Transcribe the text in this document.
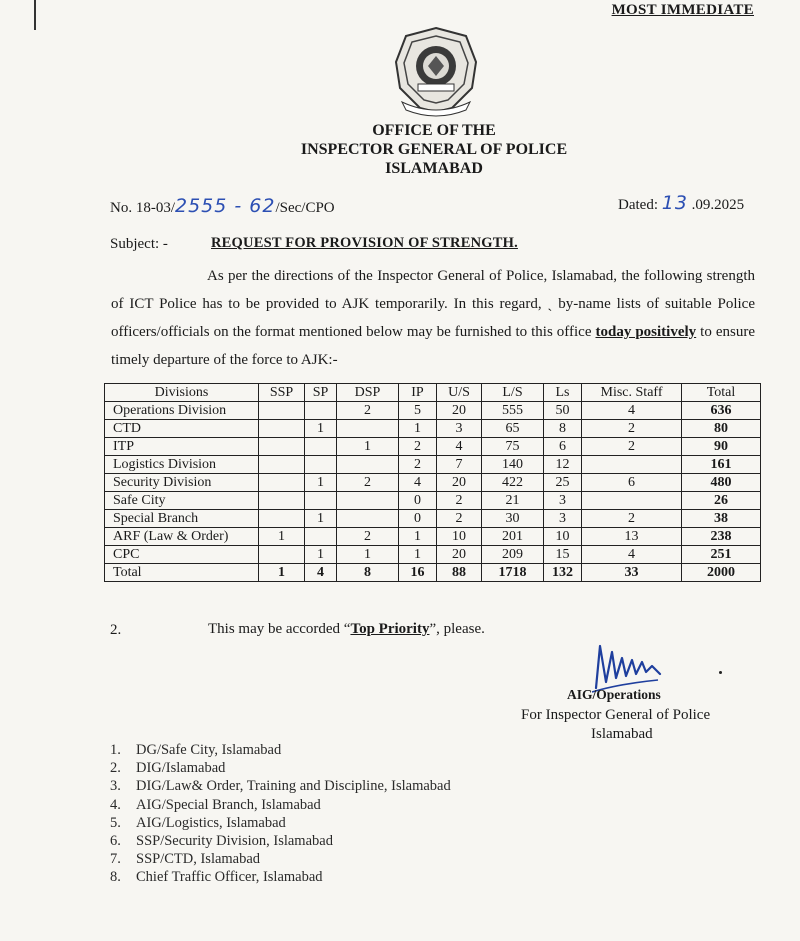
MOST IMMEDIATE
OFFICE OF THE
INSPECTOR GENERAL OF POLICE
ISLAMABAD
No. 18-03/2555 - 62/Sec/CPO	Dated: 13 .09.2025
Subject: -	REQUEST FOR PROVISION OF STRENGTH.

As per the directions of the Inspector General of Police, Islamabad, the following strength of ICT Police has to be provided to AJK temporarily. In this regard, ˏ by-name lists of suitable Police officers/officials on the format mentioned below may be furnished to this office today positively to ensure timely departure of the force to AJK:-

Divisions	SSP	SP	DSP	IP	U/S	L/S	Ls	Misc. Staff	Total
Operations Division			2	5	20	555	50	4	636
CTD		1		1	3	65	8	2	80
ITP			1	2	4	75	6	2	90
Logistics Division				2	7	140	12		161
Security Division		1	2	4	20	422	25	6	480
Safe City				0	2	21	3		26
Special Branch		1		0	2	30	3	2	38
ARF (Law & Order)	1		2	1	10	201	10	13	238
CPC		1	1	1	20	209	15	4	251
Total	1	4	8	16	88	1718	132	33	2000
2.	This may be accorded “Top Priority”, please.
AIG/Operations
For Inspector General of Police
Islamabad
1. DG/Safe City, Islamabad
2. DIG/Islamabad
3. DIG/Law& Order, Training and Discipline, Islamabad
4. AIG/Special Branch, Islamabad
5. AIG/Logistics, Islamabad
6. SSP/Security Division, Islamabad
7. SSP/CTD, Islamabad
8. Chief Traffic Officer, Islamabad
